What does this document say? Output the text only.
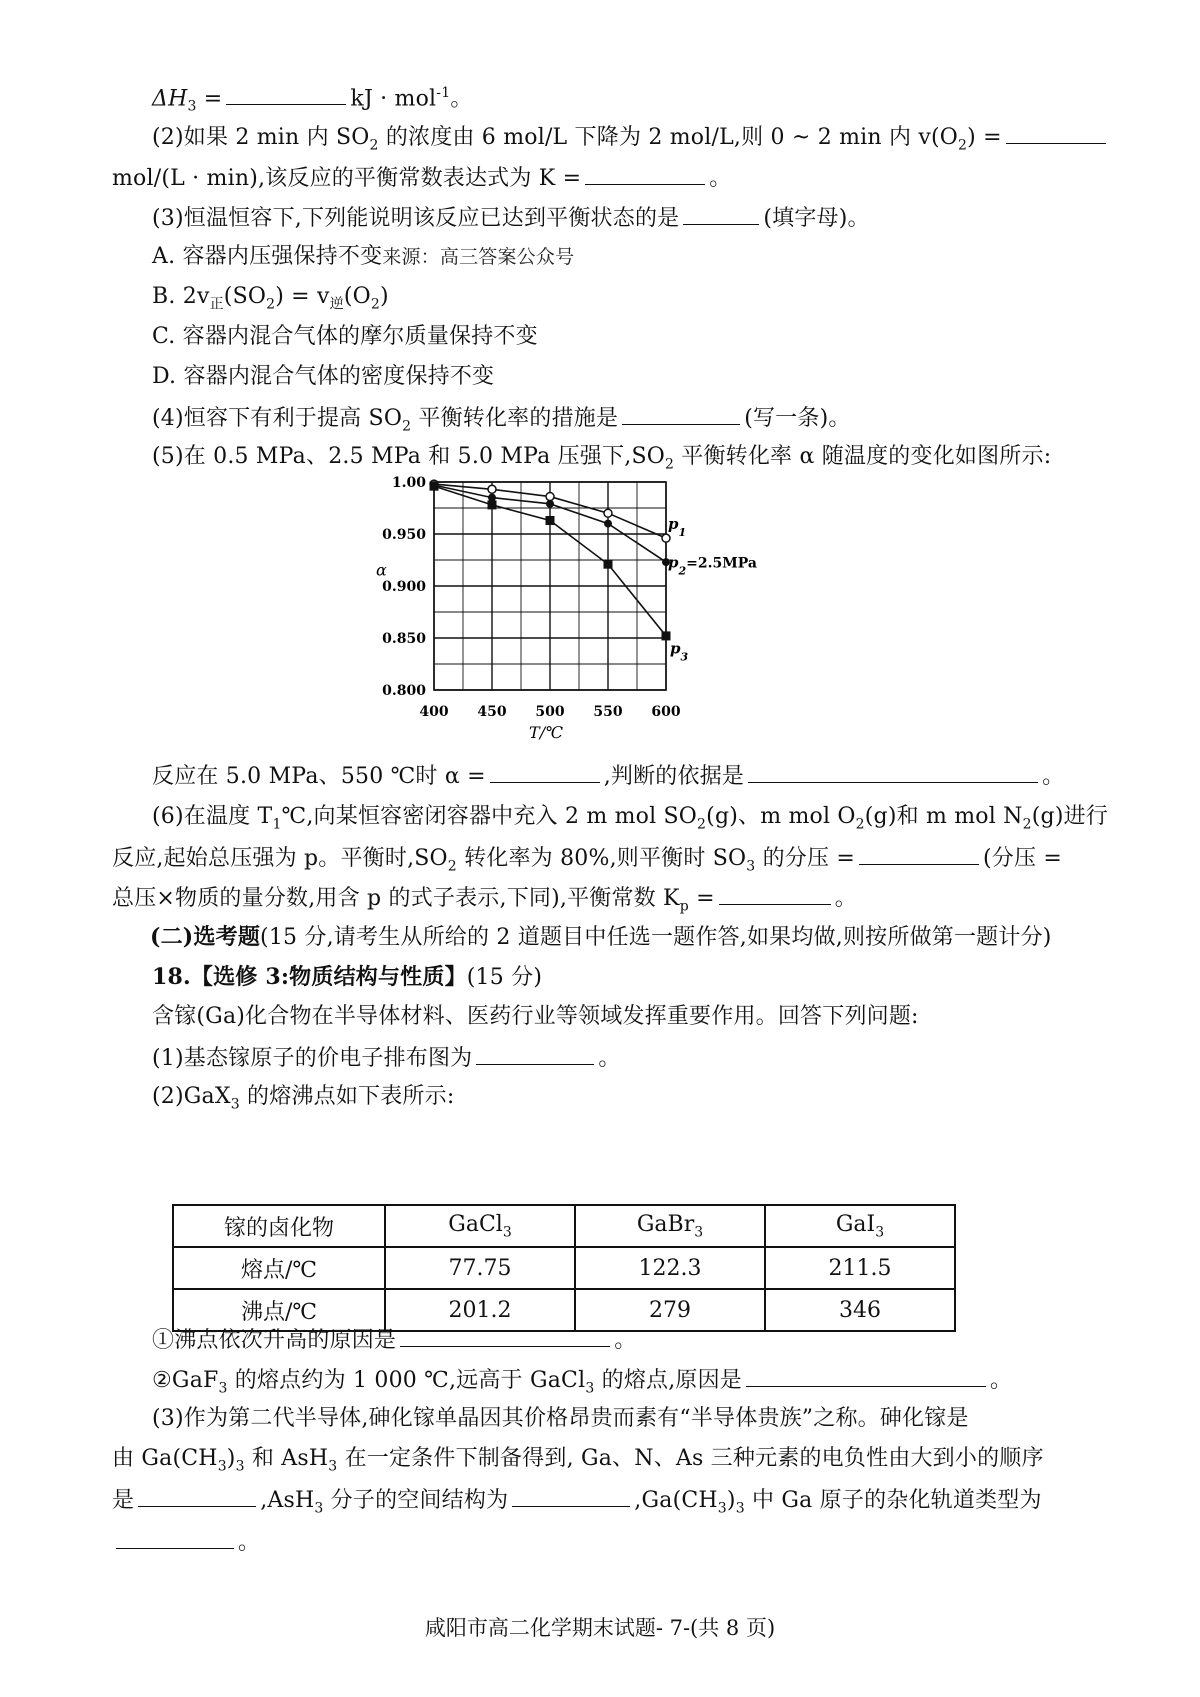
$\Delta H_3$ =	kJ · mol$^{-1}$。
(2)如果 2 min 内 $SO_2$ 的浓度由 6 mol/L 下降为 2 mol/L,则 0 ~ 2 min 内 $v(O_2)$ =
mol/(L · min),该反应的平衡常数表达式为 K =	。
(3)恒温恒容下,下列能说明该反应已达到平衡状态的是	(填字母)。
A. 容器内压强保持不变来源：高三答案公众号
B. $2v_正(SO_2) = v_逆(O_2)$
C. 容器内混合气体的摩尔质量保持不变
D. 容器内混合气体的密度保持不变
(4)恒容下有利于提高 $SO_2$ 平衡转化率的措施是	(写一条)。
(5)在 0.5 MPa、2.5 MPa 和 5.0 MPa 压强下$,SO_2$ 平衡转化率 α 随温度的变化如图所示:
400 450 500 550 600
0.800
0.850
0.900
0.950
1.00
T/℃
α
$p_1$
$p_2=2.5MPa$
$p_3$
反应在 5.0 MPa、550 ℃时 α =	,判断的依据是	。
(6)在温度 $T_1℃$,向某恒容密闭容器中充入 2 m mol $SO_2(g)$、m mol $O_2(g)$和 m mol $N_2(g)$进行
反应,起始总压强为 p。平衡时$,SO_2$ 转化率为 80%,则平衡时 $SO_3$ 的分压 =	(分压 =
总压×物质的量分数,用含 p 的式子表示,下同),平衡常数 $K_p$ =	。
(二)选考题(15 分,请考生从所给的 2 道题目中任选一题作答,如果均做,则按所做第一题计分)
18.【选修 3:物质结构与性质】(15 分)
含镓(Ga)化合物在半导体材料、医药行业等领域发挥重要作用。回答下列问题:
(1)基态镓原子的价电子排布图为	。
(2)GaX$_3$ 的熔沸点如下表所示:
镓的卤化物	GaCl$_3$	GaBr$_3$	GaI$_3$
熔点/℃	77.75	122.3	211.5
沸点/℃	201.2	279	346
①沸点依次升高的原因是	。
②GaF$_3$ 的熔点约为 1 000 ℃,远高于 GaCl$_3$ 的熔点,原因是	。
(3)作为第二代半导体,砷化镓单晶因其价格昂贵而素有“半导体贵族”之称。砷化镓是
由 $Ga(CH_3)_3$ 和 AsH$_3$ 在一定条件下制备得到, Ga、N、As 三种元素的电负性由大到小的顺序
是	,AsH$_3$ 分子的空间结构为	$,Ga(CH_3)_3$ 中 Ga 原子的杂化轨道类型为
。
咸阳市高二化学期末试题- 7-(共 8 页)
